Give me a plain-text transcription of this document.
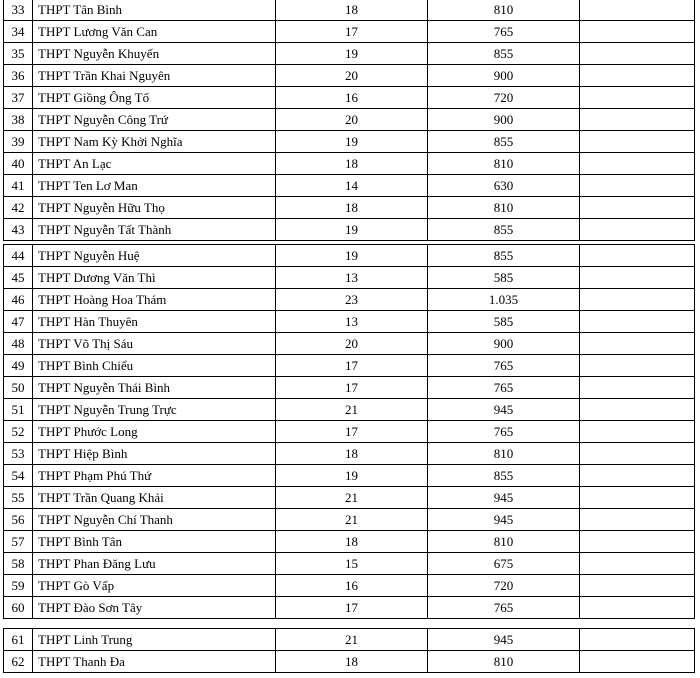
33	THPT Tân Bình	18	810	
34	THPT Lương Văn Can	17	765	
35	THPT Nguyễn Khuyến	19	855	
36	THPT Trần Khai Nguyên	20	900	
37	THPT Giồng Ông Tố	16	720	
38	THPT Nguyễn Công Trứ	20	900	
39	THPT Nam Kỳ Khởi Nghĩa	19	855	
40	THPT An Lạc	18	810	
41	THPT Ten Lơ Man	14	630	
42	THPT Nguyễn Hữu Thọ	18	810	
43	THPT Nguyễn Tất Thành	19	855	
44	THPT Nguyễn Huệ	19	855	
45	THPT Dương Văn Thì	13	585	
46	THPT Hoàng Hoa Thám	23	1.035	
47	THPT Hàn Thuyên	13	585	
48	THPT Võ Thị Sáu	20	900	
49	THPT Bình Chiểu	17	765	
50	THPT Nguyễn Thái Bình	17	765	
51	THPT Nguyễn Trung Trực	21	945	
52	THPT Phước Long	17	765	
53	THPT Hiệp Bình	18	810	
54	THPT Phạm Phú Thứ	19	855	
55	THPT Trần Quang Khải	21	945	
56	THPT Nguyễn Chí Thanh	21	945	
57	THPT Bình Tân	18	810	
58	THPT Phan Đăng Lưu	15	675	
59	THPT Gò Vấp	16	720	
60	THPT Đào Sơn Tây	17	765	
61	THPT Linh Trung	21	945	
62	THPT Thanh Đa	18	810	
